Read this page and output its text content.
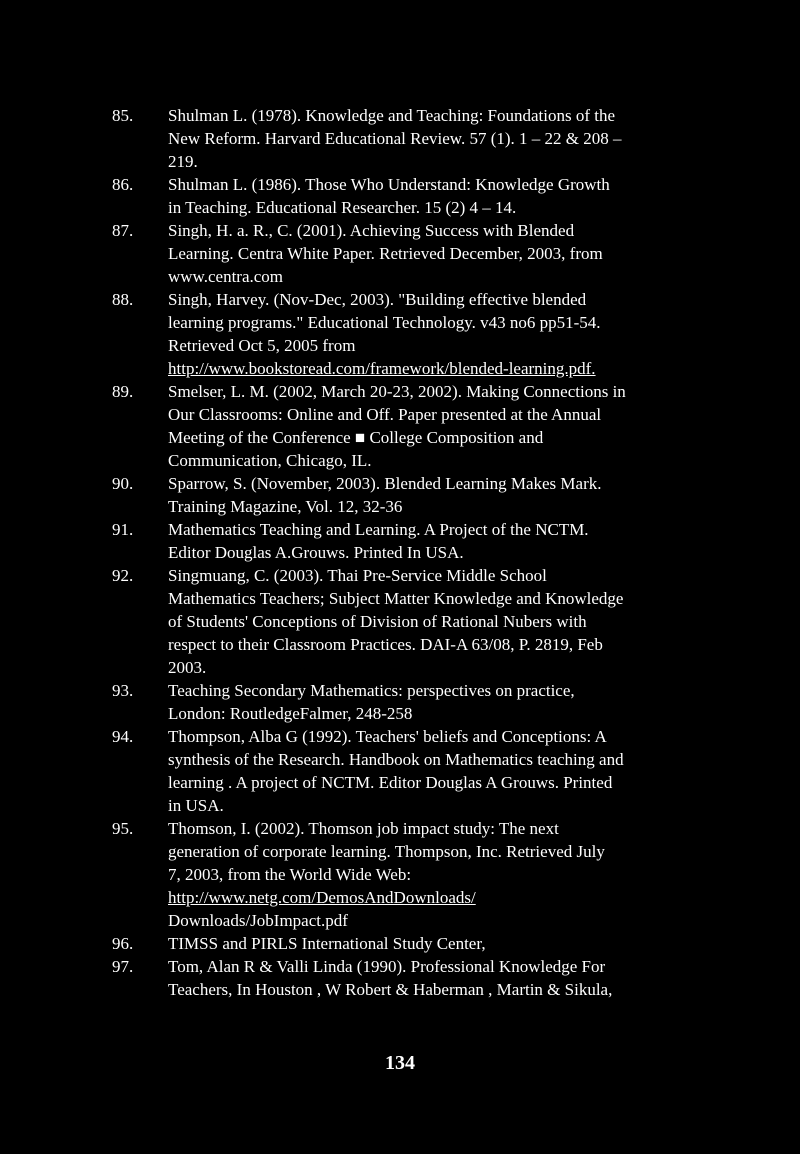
85.	Shulman L. (1978). Knowledge and Teaching: Foundations of the
New Reform. Harvard Educational Review. 57 (1). 1 – 22 & 208 –
219.
86.	Shulman L. (1986). Those Who Understand: Knowledge Growth
in Teaching. Educational Researcher. 15 (2) 4 – 14.
87.	Singh, H. a. R., C. (2001). Achieving Success with Blended
Learning. Centra White Paper. Retrieved December, 2003, from
www.centra.com
88.	Singh, Harvey. (Nov-Dec, 2003). "Building effective blended
learning programs." Educational Technology. v43 no6 pp51-54.
Retrieved Oct 5, 2005 from
http://www.bookstoread.com/framework/blended-learning.pdf.
89.	Smelser, L. M. (2002, March 20-23, 2002). Making Connections in
Our Classrooms: Online and Off. Paper presented at the Annual
Meeting of the Conference ■ College Composition and
Communication, Chicago, IL.
90.	Sparrow, S. (November, 2003). Blended Learning Makes Mark.
Training Magazine, Vol. 12, 32-36
91.	Mathematics Teaching and Learning. A Project of the NCTM.
Editor Douglas A.Grouws. Printed In USA.
92.	Singmuang, C. (2003). Thai Pre-Service Middle School
Mathematics Teachers; Subject Matter Knowledge and Knowledge
of Students' Conceptions of Division of Rational Nubers with
respect to their Classroom Practices. DAI-A 63/08, P. 2819, Feb
2003.
93.	Teaching Secondary Mathematics: perspectives on practice,
London: RoutledgeFalmer, 248-258
94.	Thompson, Alba G (1992). Teachers' beliefs and Conceptions: A
synthesis of the Research. Handbook on Mathematics teaching and
learning . A project of NCTM. Editor Douglas A Grouws. Printed
in USA.
95.	Thomson, I. (2002). Thomson job impact study: The next
generation of corporate learning. Thompson, Inc. Retrieved July
7, 2003, from the World Wide Web:
http://www.netg.com/DemosAndDownloads/
Downloads/JobImpact.pdf
96.	TIMSS and PIRLS International Study Center,
97.	Tom, Alan R & Valli Linda (1990). Professional Knowledge For
Teachers, In Houston , W Robert & Haberman , Martin & Sikula,
134
